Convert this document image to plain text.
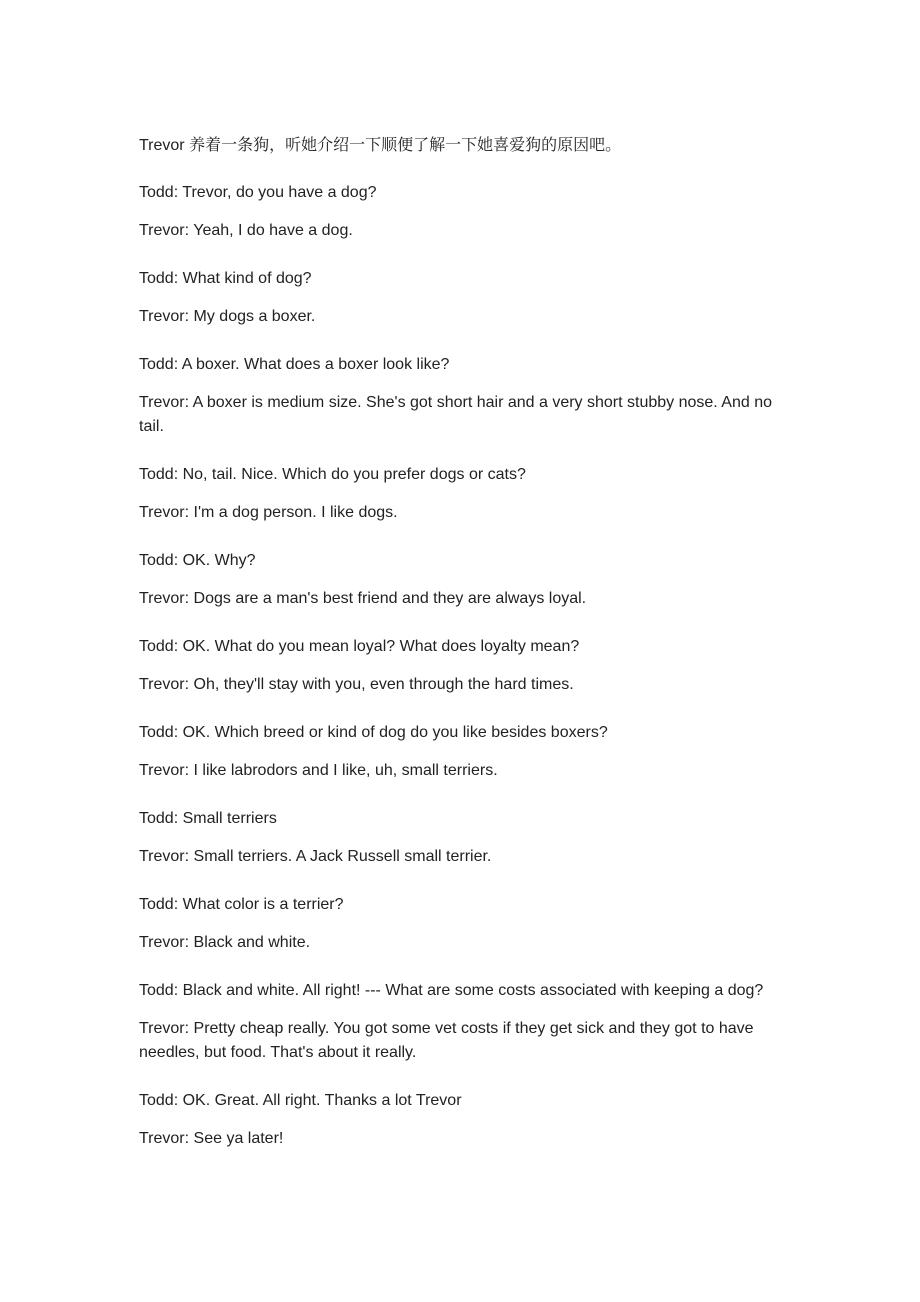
Trevor 养着一条狗，听她介绍一下顺便了解一下她喜爱狗的原因吧。

Todd: Trevor, do you have a dog?

Trevor: Yeah, I do have a dog.

Todd: What kind of dog?

Trevor: My dogs a boxer.

Todd: A boxer. What does a boxer look like?

Trevor: A boxer is medium size. She's got short hair and a very short stubby nose. And no tail.

Todd: No, tail. Nice. Which do you prefer dogs or cats?

Trevor: I'm a dog person. I like dogs.

Todd: OK. Why?

Trevor: Dogs are a man's best friend and they are always loyal.

Todd: OK. What do you mean loyal? What does loyalty mean?

Trevor: Oh, they'll stay with you, even through the hard times.

Todd: OK. Which breed or kind of dog do you like besides boxers?

Trevor: I like labrodors and I like, uh, small terriers.

Todd: Small terriers

Trevor: Small terriers. A Jack Russell small terrier.

Todd: What color is a terrier?

Trevor: Black and white.

Todd: Black and white. All right! --- What are some costs associated with keeping a dog?

Trevor: Pretty cheap really. You got some vet costs if they get sick and they got to have needles, but food. That's about it really.

Todd: OK. Great. All right. Thanks a lot Trevor

Trevor: See ya later!
